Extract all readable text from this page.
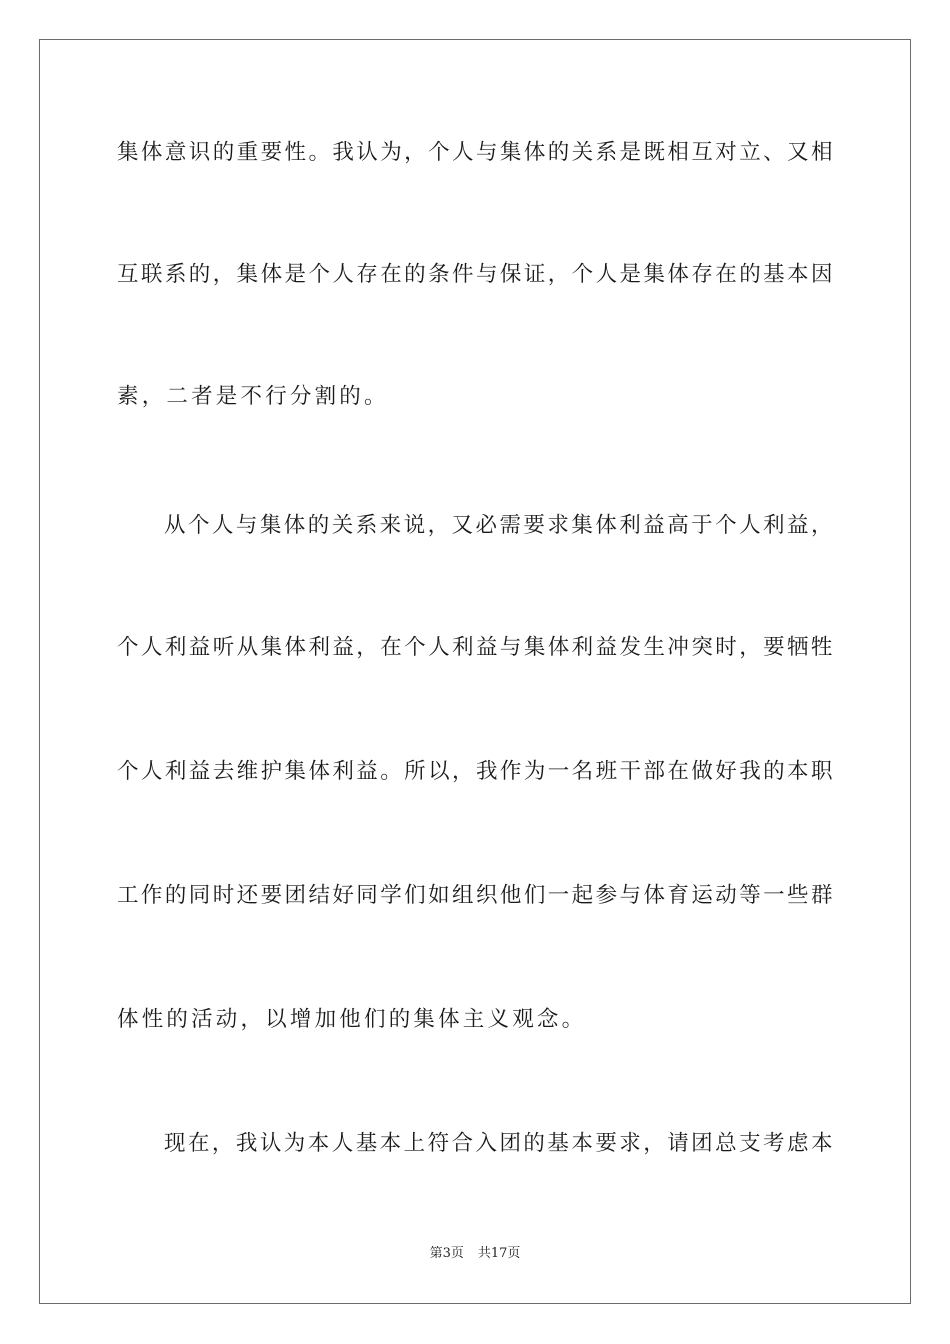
集体意识的重要性。我认为，个人与集体的关系是既相互对立、又相
互联系的，集体是个人存在的条件与保证，个人是集体存在的基本因
素，二者是不行分割的。
从个人与集体的关系来说，又必需要求集体利益高于个人利益，
个人利益听从集体利益，在个人利益与集体利益发生冲突时，要牺牲
个人利益去维护集体利益。所以，我作为一名班干部在做好我的本职
工作的同时还要团结好同学们如组织他们一起参与体育运动等一些群
体性的活动，以增加他们的集体主义观念。
现在，我认为本人基本上符合入团的基本要求，请团总支考虑本
第3页 共17页
